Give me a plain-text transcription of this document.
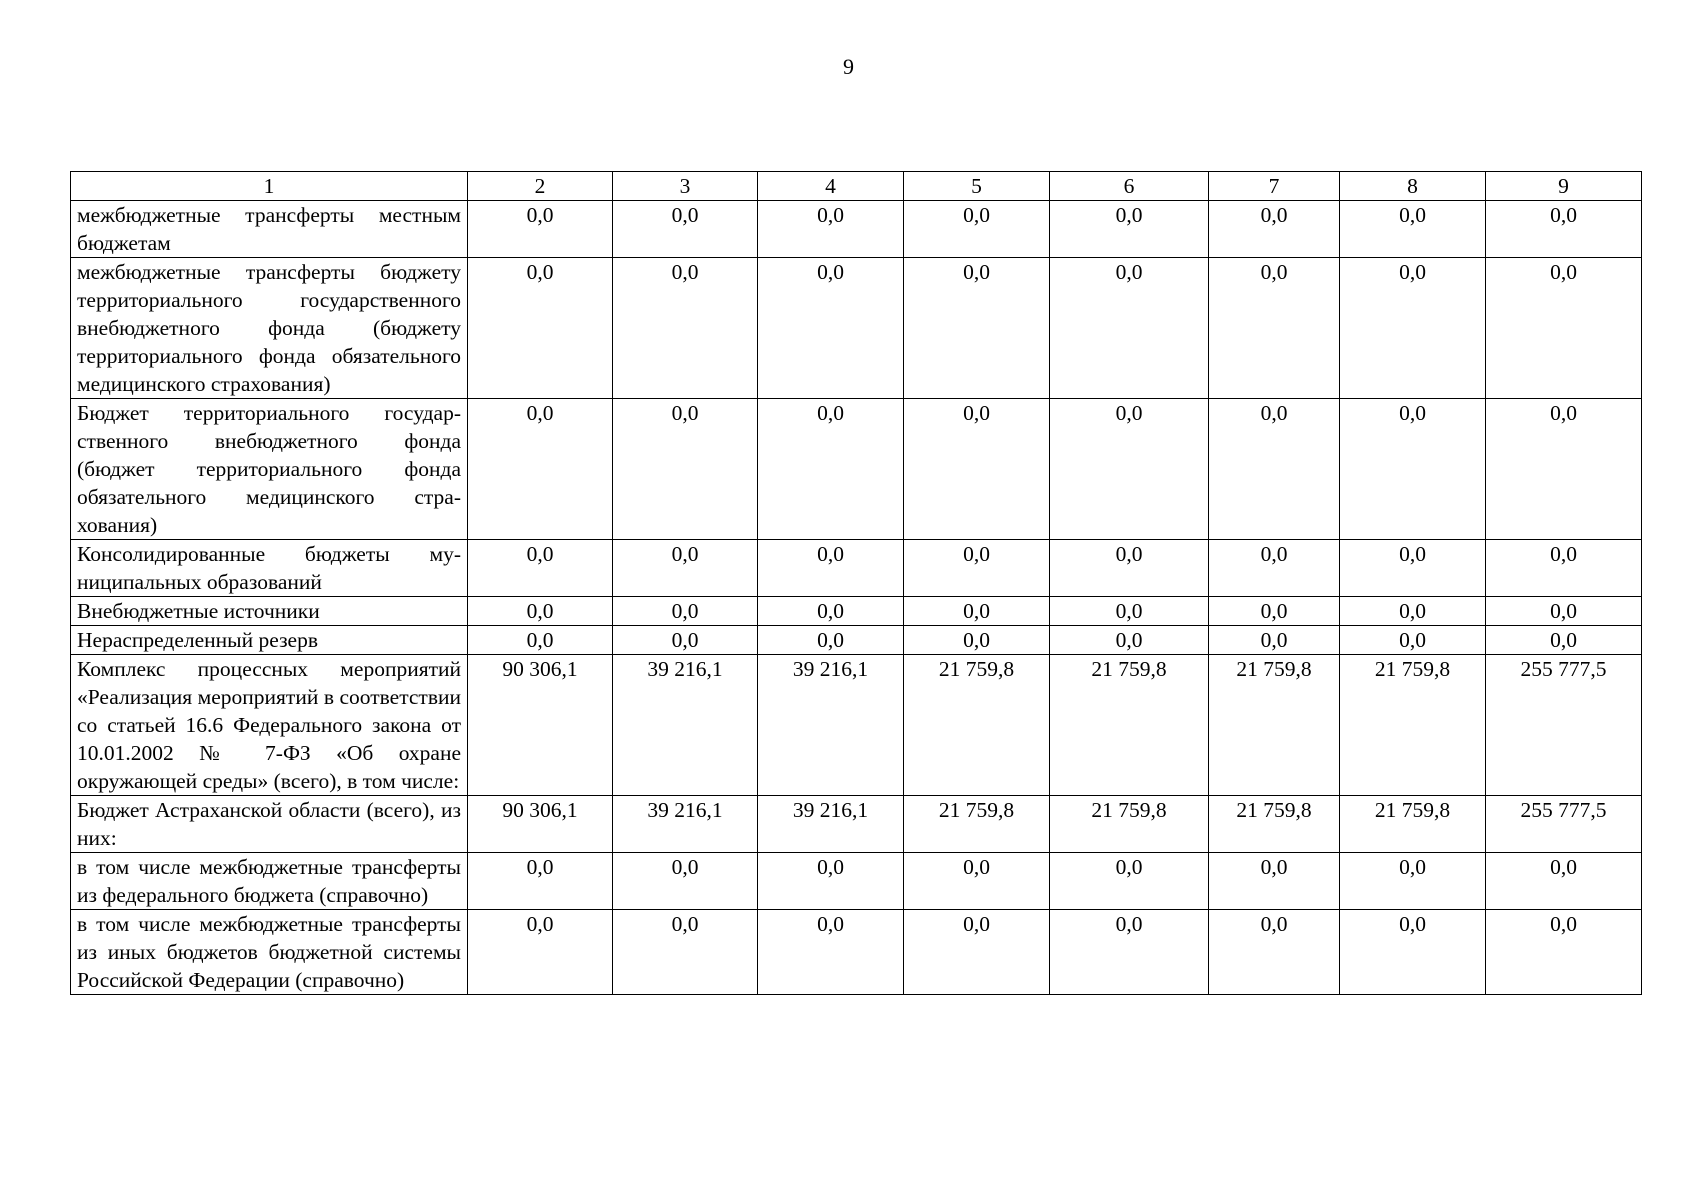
9
1	2	3	4	5	6	7	8	9
межбюджетные трансферты местным бюджетам	0,0	0,0	0,0	0,0	0,0	0,0	0,0	0,0
межбюджетные трансферты бюджету территориального государственного внебюджетного фонда (бюджету территориального фонда обязательного медицинского страхования)	0,0	0,0	0,0	0,0	0,0	0,0	0,0	0,0
Бюджет территориального государственного внебюджетного фонда (бюджет территориального фонда обязательного медицинского страхования)	0,0	0,0	0,0	0,0	0,0	0,0	0,0	0,0
Консолидированные бюджеты муниципальных образований	0,0	0,0	0,0	0,0	0,0	0,0	0,0	0,0
Внебюджетные источники	0,0	0,0	0,0	0,0	0,0	0,0	0,0	0,0
Нераспределенный резерв	0,0	0,0	0,0	0,0	0,0	0,0	0,0	0,0
Комплекс процессных мероприятий «Реализация мероприятий в соответствии со статьей 16.6 Федерального закона от 10.01.2002 № 7-ФЗ «Об охране окружающей среды» (всего), в том числе:	90 306,1	39 216,1	39 216,1	21 759,8	21 759,8	21 759,8	21 759,8	255 777,5
Бюджет Астраханской области (всего), из них:	90 306,1	39 216,1	39 216,1	21 759,8	21 759,8	21 759,8	21 759,8	255 777,5
в том числе межбюджетные трансферты из федерального бюджета (справочно)	0,0	0,0	0,0	0,0	0,0	0,0	0,0	0,0
в том числе межбюджетные трансферты из иных бюджетов бюджетной системы Российской Федерации (справочно)	0,0	0,0	0,0	0,0	0,0	0,0	0,0	0,0
